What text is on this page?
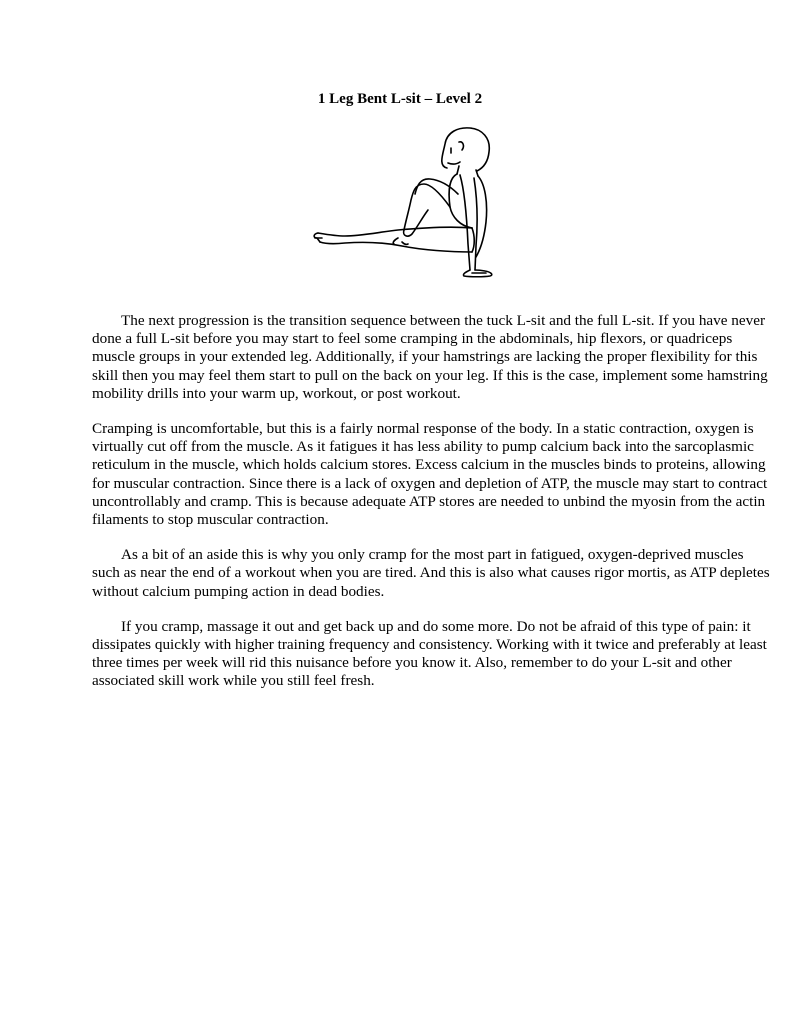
1 Leg Bent L-sit – Level 2

The next progression is the transition sequence between the tuck L-sit and the full L-sit. If you have never done a full L-sit before you may start to feel some cramping in the abdominals, hip flexors, or quadriceps muscle groups in your extended leg. Additionally, if your hamstrings are lacking the proper flexibility for this skill then you may feel them start to pull on the back on your leg. If this is the case, implement some hamstring mobility drills into your warm up, workout, or post workout.

Cramping is uncomfortable, but this is a fairly normal response of the body. In a static contraction, oxygen is virtually cut off from the muscle. As it fatigues it has less ability to pump calcium back into the sarcoplasmic reticulum in the muscle, which holds calcium stores. Excess calcium in the muscles binds to proteins, allowing for muscular contraction. Since there is a lack of oxygen and depletion of ATP, the muscle may start to contract uncontrollably and cramp. This is because adequate ATP stores are needed to unbind the myosin from the actin filaments to stop muscular contraction.

As a bit of an aside this is why you only cramp for the most part in fatigued, oxygen-deprived muscles such as near the end of a workout when you are tired. And this is also what causes rigor mortis, as ATP depletes without calcium pumping action in dead bodies.

If you cramp, massage it out and get back up and do some more. Do not be afraid of this type of pain: it dissipates quickly with higher training frequency and consistency. Working with it twice and preferably at least three times per week will rid this nuisance before you know it. Also, remember to do your L-sit and other associated skill work while you still feel fresh.
